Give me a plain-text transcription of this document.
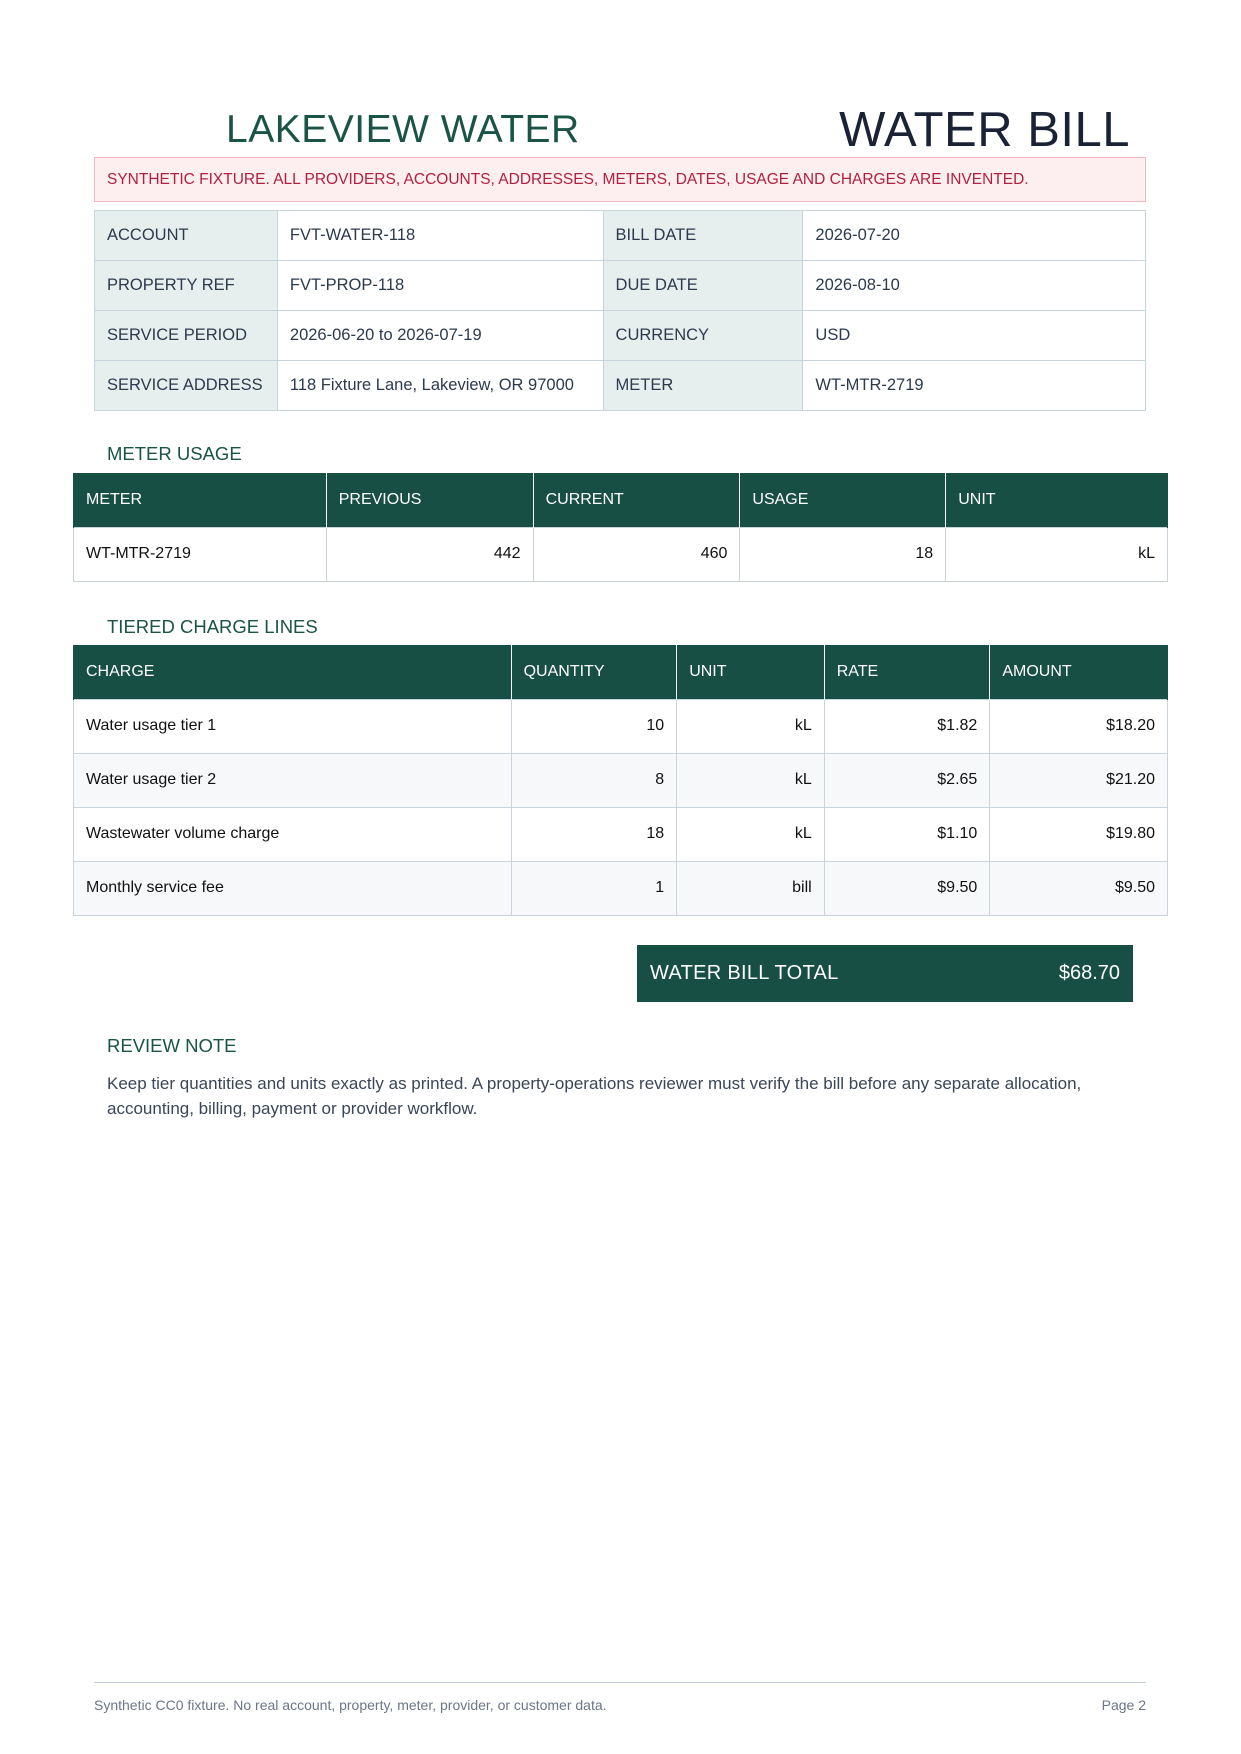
LAKEVIEW WATER	WATER BILL
SYNTHETIC FIXTURE. ALL PROVIDERS, ACCOUNTS, ADDRESSES, METERS, DATES, USAGE AND CHARGES ARE INVENTED.
ACCOUNT	FVT-WATER-118	BILL DATE	2026-07-20
PROPERTY REF	FVT-PROP-118	DUE DATE	2026-08-10
SERVICE PERIOD	2026-06-20 to 2026-07-19	CURRENCY	USD
SERVICE ADDRESS	118 Fixture Lane, Lakeview, OR 97000	METER	WT-MTR-2719
METER USAGE
METER	PREVIOUS	CURRENT	USAGE	UNIT
WT-MTR-2719	442	460	18	kL
TIERED CHARGE LINES
CHARGE	QUANTITY	UNIT	RATE	AMOUNT
Water usage tier 1	10	kL	$1.82	$18.20
Water usage tier 2	8	kL	$2.65	$21.20
Wastewater volume charge	18	kL	$1.10	$19.80
Monthly service fee	1	bill	$9.50	$9.50
WATER BILL TOTAL	$68.70
REVIEW NOTE
Keep tier quantities and units exactly as printed. A property-operations reviewer must verify the bill before any separate allocation, accounting, billing, payment or provider workflow.
Synthetic CC0 fixture. No real account, property, meter, provider, or customer data.	Page 2
